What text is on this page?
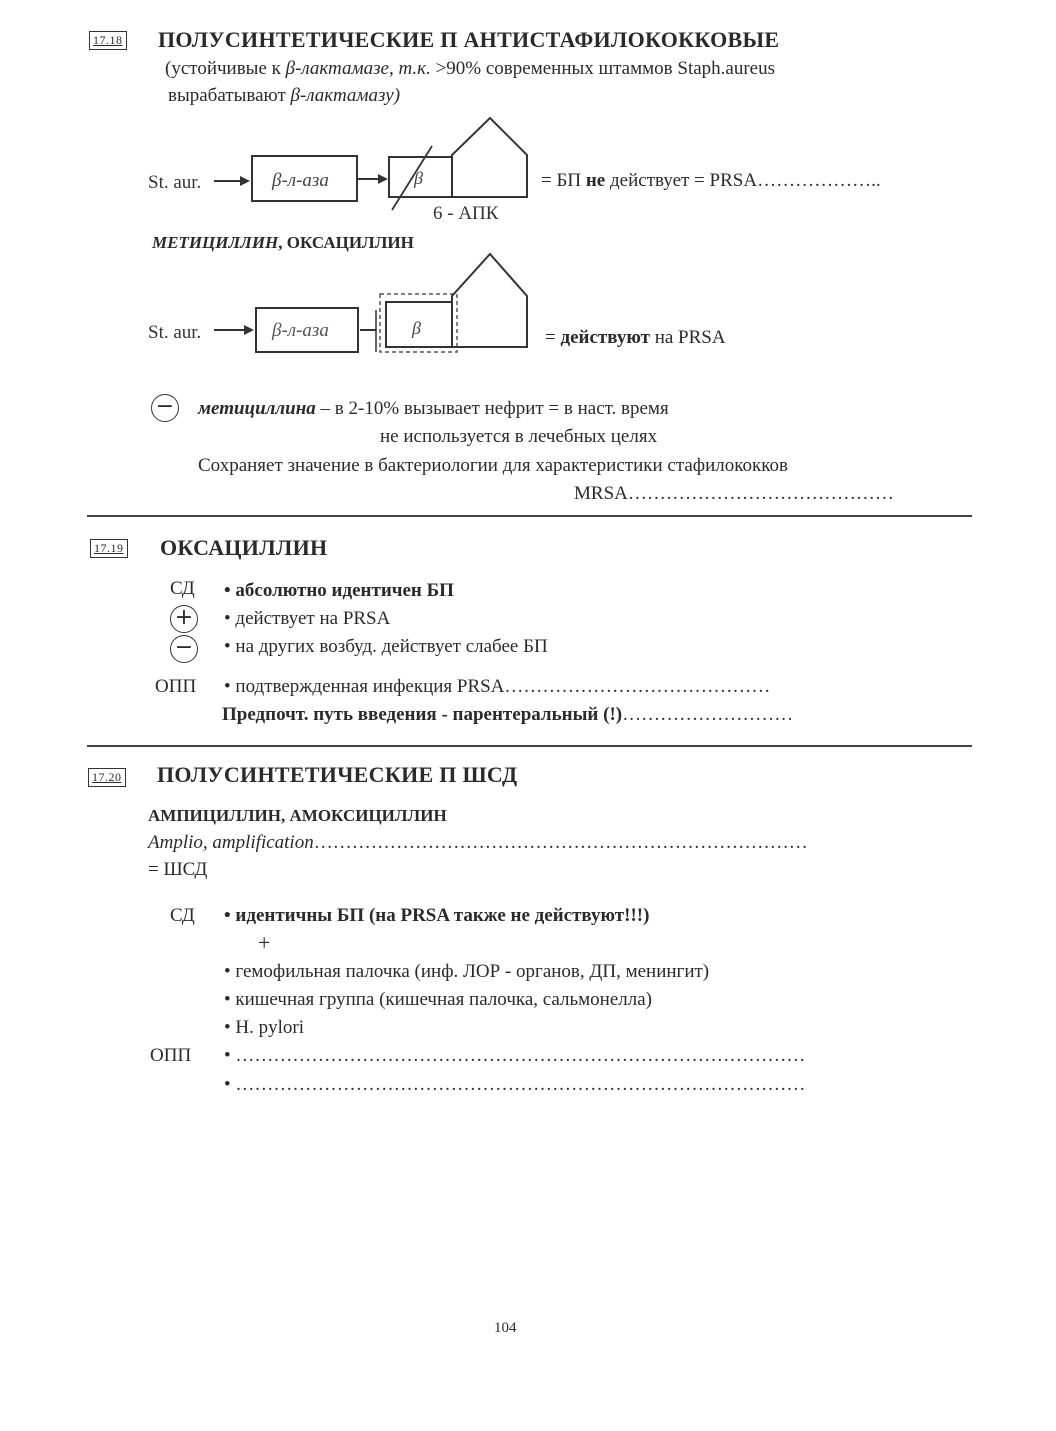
17.18 ПОЛУСИНТЕТИЧЕСКИЕ П АНТИСТАФИЛОКОККОВЫЕ
(устойчивые к β-лактамазе, т.к. >90% современных штаммов Staph.aureus
вырабатывают β-лактамазу)
St. aur.	β-л-аза	β
6 - АПК
= БП не действует = PRSA………………..
МЕТИЦИЛЛИН, ОКСАЦИЛЛИН
St. aur.	β-л-аза	β	= действуют на PRSA
− метициллина – в 2-10% вызывает нефрит = в наст. время
не используется в лечебных целях
Сохраняет значение в бактериологии для характеристики стафилококков
MRSA……………………………………
17.19 ОКСАЦИЛЛИН
СД • абсолютно идентичен БП
+ • действует на PRSA
− • на других возбуд. действует слабее БП
ОПП • подтвержденная инфекция PRSA……………………………………
Предпочт. путь введения - парентеральный (!)………………………
17.20 ПОЛУСИНТЕТИЧЕСКИЕ П ШСД
АМПИЦИЛЛИН, АМОКСИЦИЛЛИН
Amplio, amplification……………………………………………………………………
= ШСД
СД • идентичны БП (на PRSA также не действуют!!!)
+
• гемофильная палочка (инф. ЛОР - органов, ДП, менингит)
• кишечная группа (кишечная палочка, сальмонелла)
• H. pylori
ОПП • ………………………………………………………………………………
• ………………………………………………………………………………
104
